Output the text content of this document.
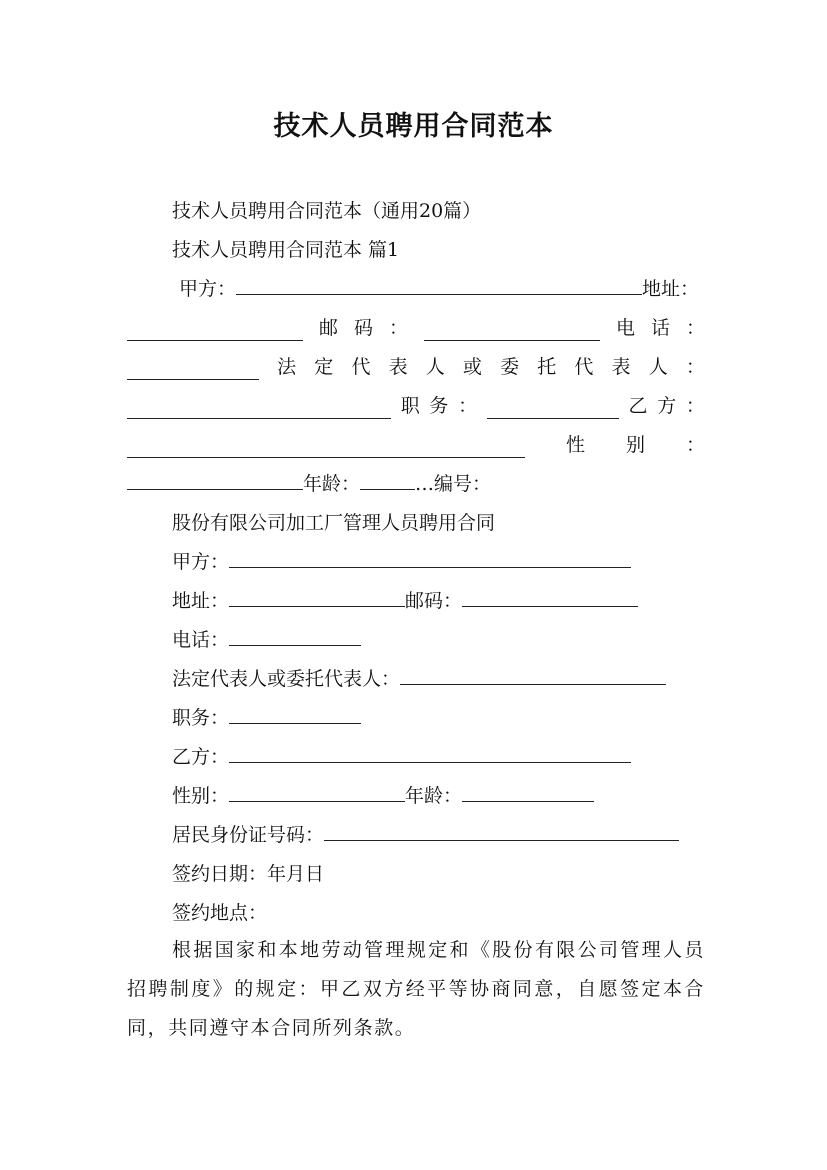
技术人员聘用合同范本
技术人员聘用合同范本（通用20篇）
技术人员聘用合同范本 篇1
甲方：	地址：
邮 码 ：	电 话 ：
法 定 代 表 人 或 委 托 代 表 人 ：
职 务 ：	乙 方 ：
性 别 ：
年龄：	…编号：
股份有限公司加工厂管理人员聘用合同
甲方：
地址：	邮码：
电话：
法定代表人或委托代表人：
职务：
乙方：
性别：	年龄：
居民身份证号码：
签约日期：年月日
签约地点：
根据国家和本地劳动管理规定和《股份有限公司管理人员招聘制度》的规定：甲乙双方经平等协商同意，自愿签定本合同，共同遵守本合同所列条款。
